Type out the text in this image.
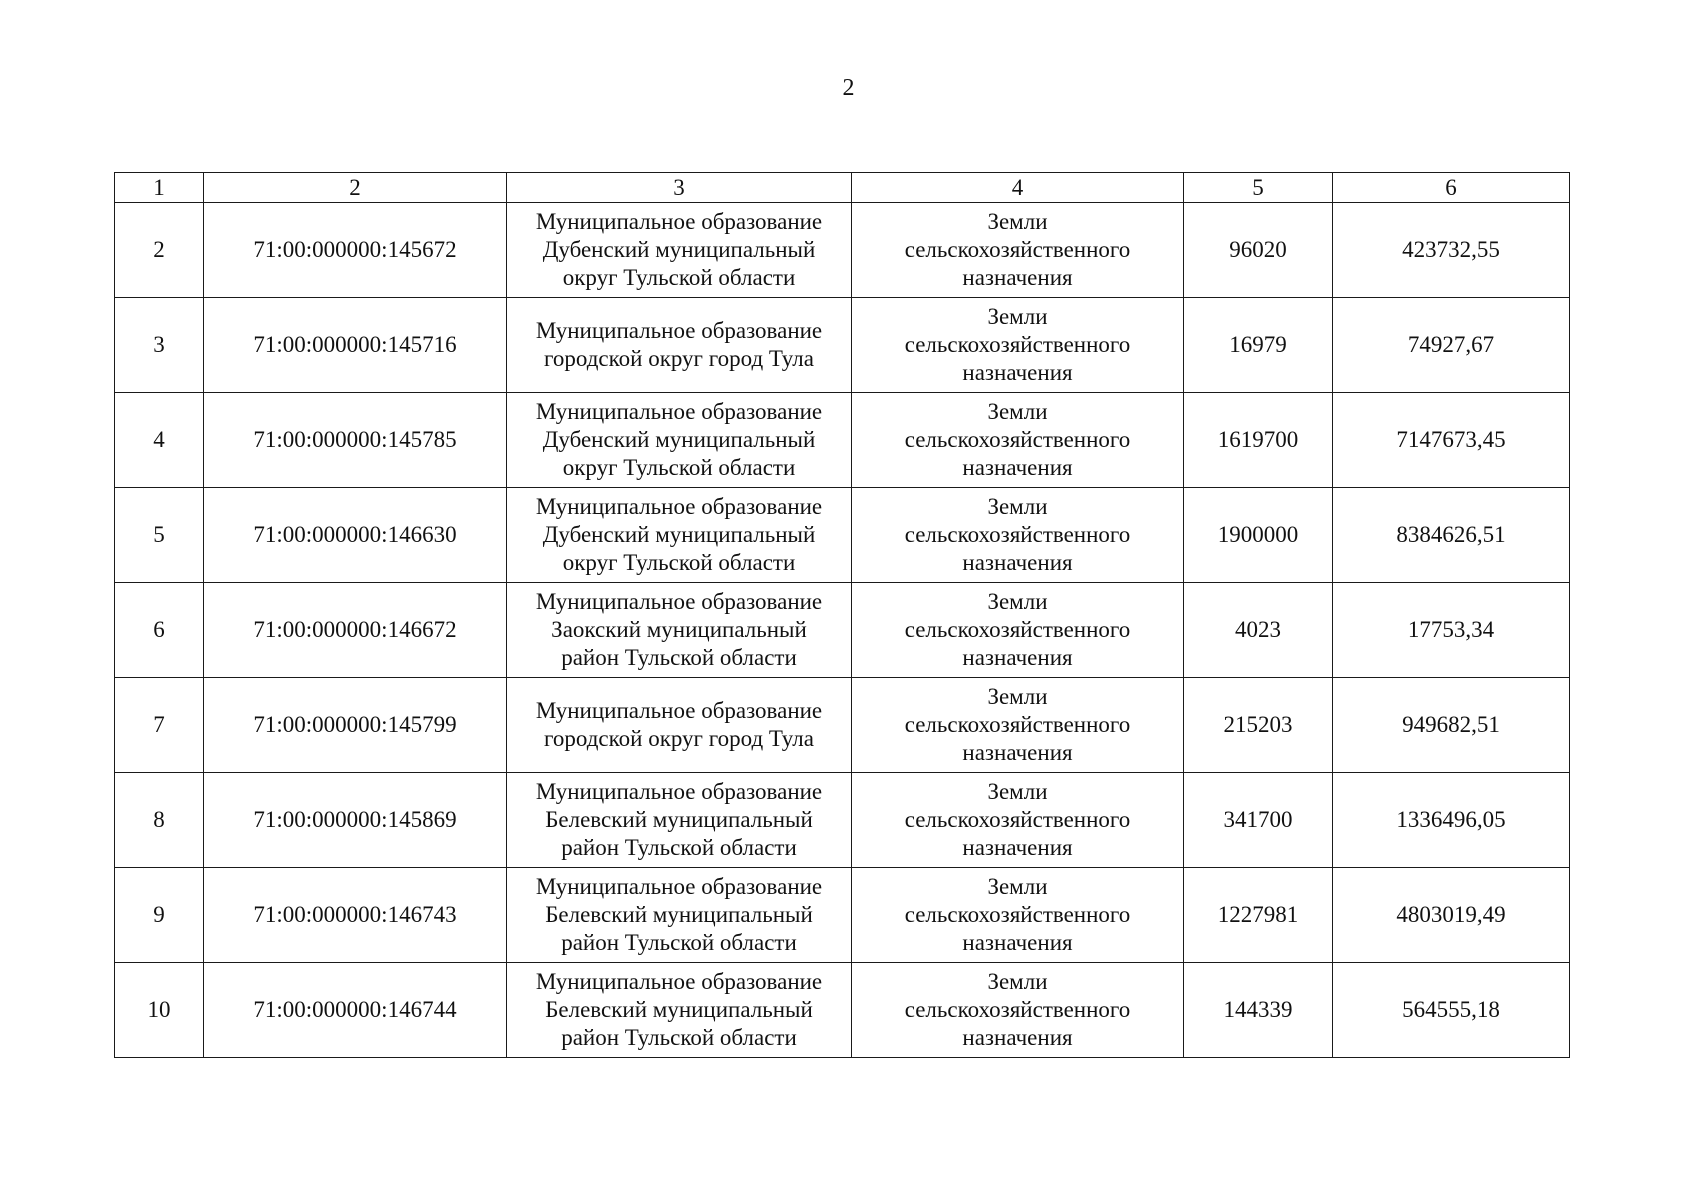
2
1	2	3	4	5	6
2	71:00:000000:145672	Муниципальное образование
Дубенский муниципальный
округ Тульской области	Земли
сельскохозяйственного
назначения	96020	423732,55
3	71:00:000000:145716	Муниципальное образование
городской округ город Тула	Земли
сельскохозяйственного
назначения	16979	74927,67
4	71:00:000000:145785	Муниципальное образование
Дубенский муниципальный
округ Тульской области	Земли
сельскохозяйственного
назначения	1619700	7147673,45
5	71:00:000000:146630	Муниципальное образование
Дубенский муниципальный
округ Тульской области	Земли
сельскохозяйственного
назначения	1900000	8384626,51
6	71:00:000000:146672	Муниципальное образование
Заокский муниципальный
район Тульской области	Земли
сельскохозяйственного
назначения	4023	17753,34
7	71:00:000000:145799	Муниципальное образование
городской округ город Тула	Земли
сельскохозяйственного
назначения	215203	949682,51
8	71:00:000000:145869	Муниципальное образование
Белевский муниципальный
район Тульской области	Земли
сельскохозяйственного
назначения	341700	1336496,05
9	71:00:000000:146743	Муниципальное образование
Белевский муниципальный
район Тульской области	Земли
сельскохозяйственного
назначения	1227981	4803019,49
10	71:00:000000:146744	Муниципальное образование
Белевский муниципальный
район Тульской области	Земли
сельскохозяйственного
назначения	144339	564555,18
